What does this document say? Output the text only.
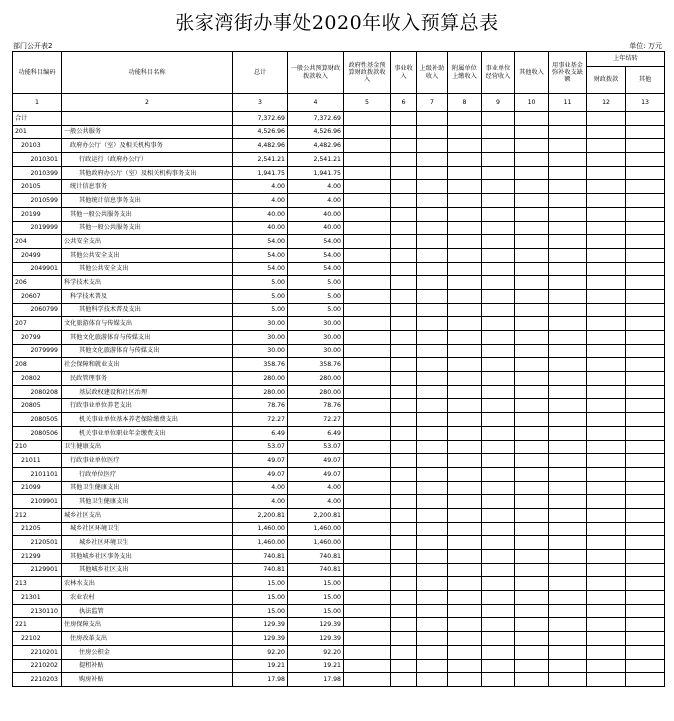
张家湾街办事处2020年收入预算总表
部门公开表2	单位: 万元
功能科目编码	功能科目名称	总计	一般公共预算财政拨款收入	政府性基金预算财政拨款收入	事业收入	上级补助收入	附属单位上缴收入	事业单位经营收入	其他收入	用事业基金弥补收支缺额	上年结转	
											财政拨款	其他
1	2	3	4	5	6	7	8	9	10	11	12	13
合计		7,372.69	7,372.69									
201	一般公共服务	4,526.96	4,526.96									
20103	政府办公厅（室）及相关机构事务	4,482.96	4,482.96									
2010301	行政运行（政府办公厅）	2,541.21	2,541.21									
2010399	其他政府办公厅（室）及相关机构事务支出	1,941.75	1,941.75									
20105	统计信息事务	4.00	4.00									
2010599	其他统计信息事务支出	4.00	4.00									
20199	其他一般公共服务支出	40.00	40.00									
2019999	其他一般公共服务支出	40.00	40.00									
204	公共安全支出	54.00	54.00									
20499	其他公共安全支出	54.00	54.00									
2049901	其他公共安全支出	54.00	54.00									
206	科学技术支出	5.00	5.00									
20607	科学技术普及	5.00	5.00									
2060799	其他科学技术普及支出	5.00	5.00									
207	文化旅游体育与传媒支出	30.00	30.00									
20799	其他文化旅游体育与传媒支出	30.00	30.00									
2079999	其他文化旅游体育与传媒支出	30.00	30.00									
208	社会保障和就业支出	358.76	358.76									
20802	民政管理事务	280.00	280.00									
2080208	基层政权建设和社区治理	280.00	280.00									
20805	行政事业单位养老支出	78.76	78.76									
2080505	机关事业单位基本养老保险缴费支出	72.27	72.27									
2080506	机关事业单位职业年金缴费支出	6.49	6.49									
210	卫生健康支出	53.07	53.07									
21011	行政事业单位医疗	49.07	49.07									
2101101	行政单位医疗	49.07	49.07									
21099	其他卫生健康支出	4.00	4.00									
2109901	其他卫生健康支出	4.00	4.00									
212	城乡社区支出	2,200.81	2,200.81									
21205	城乡社区环境卫生	1,460.00	1,460.00									
2120501	城乡社区环境卫生	1,460.00	1,460.00									
21299	其他城乡社区事务支出	740.81	740.81									
2129901	其他城乡社区支出	740.81	740.81									
213	农林水支出	15.00	15.00									
21301	农业农村	15.00	15.00									
2130110	执法监管	15.00	15.00									
221	住房保障支出	129.39	129.39									
22102	住房改革支出	129.39	129.39									
2210201	住房公积金	92.20	92.20									
2210202	提租补贴	19.21	19.21									
2210203	购房补贴	17.98	17.98									
